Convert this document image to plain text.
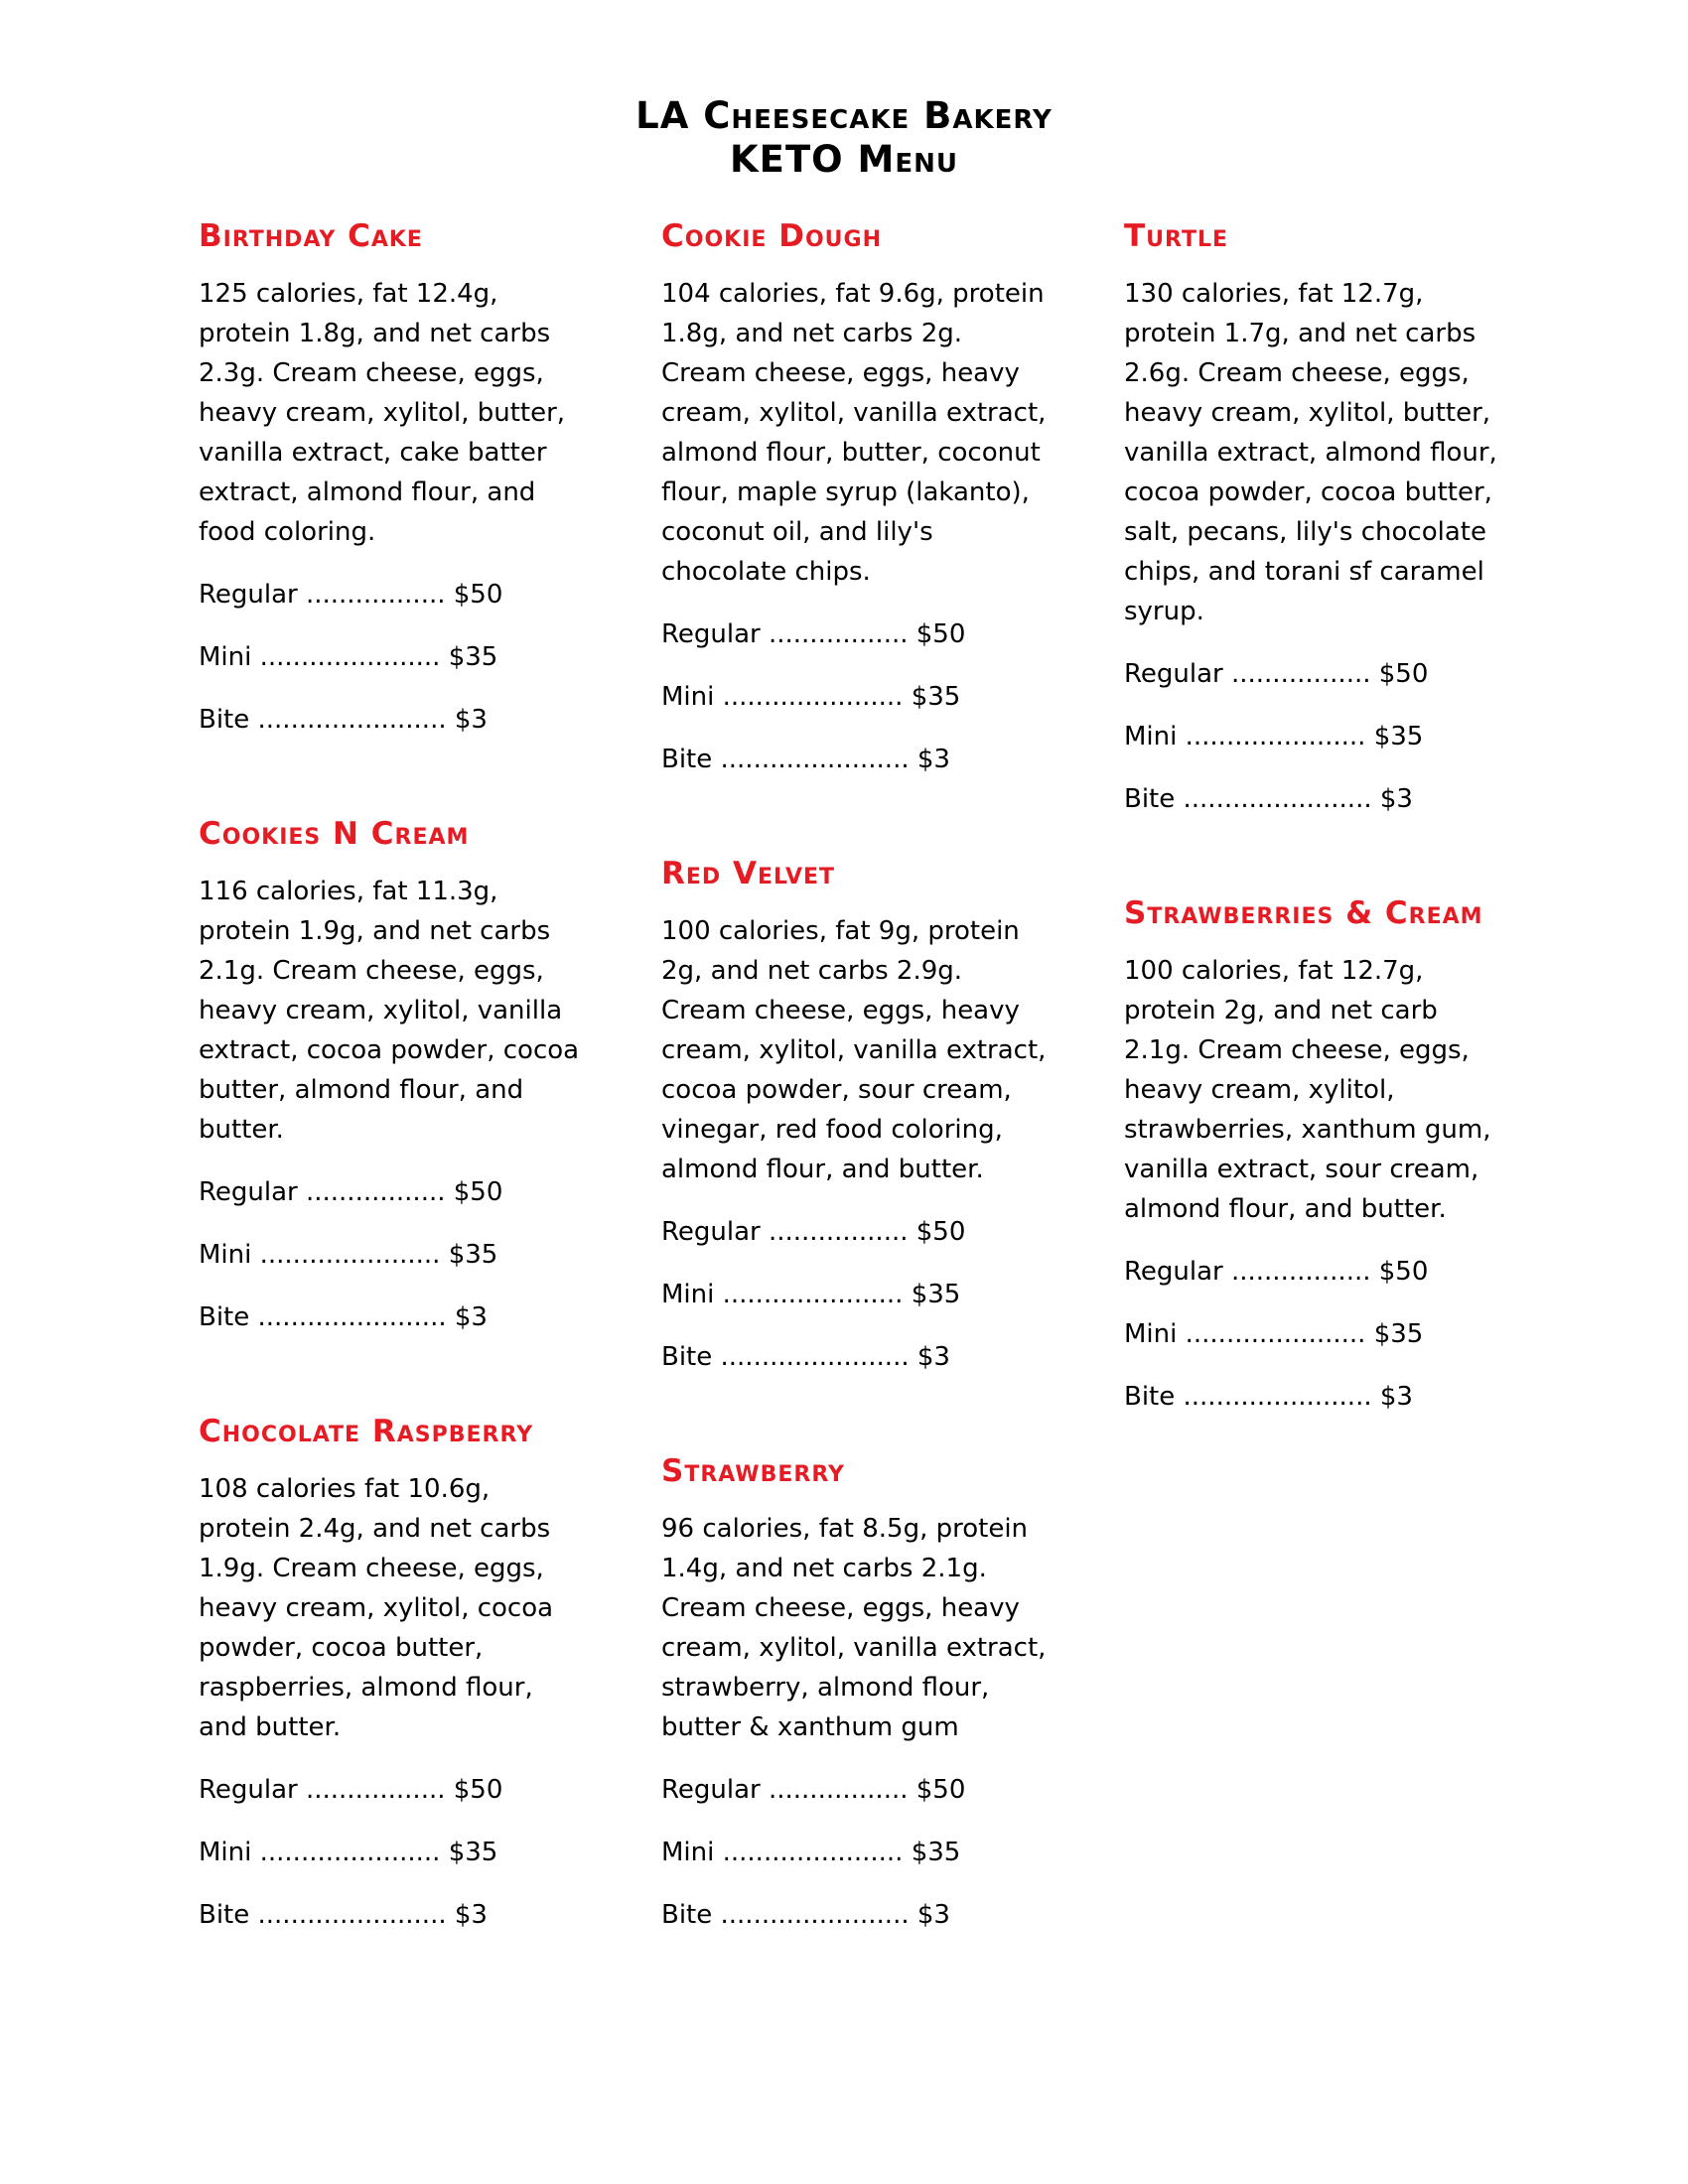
LA Cheesecake Bakery
KETO Menu
Birthday Cake
125 calories, fat 12.4g, protein 1.8g, and net carbs 2.3g. Cream cheese, eggs, heavy cream, xylitol, butter, vanilla extract, cake batter extract, almond flour, and food coloring.
Regular ................. $50
Mini ...................... $35
Bite ....................... $3
Cookies N Cream
116 calories, fat 11.3g, protein 1.9g, and net carbs 2.1g. Cream cheese, eggs, heavy cream, xylitol, vanilla extract, cocoa powder, cocoa butter, almond flour, and butter.
Regular ................. $50
Mini ...................... $35
Bite ....................... $3
Chocolate Raspberry
108 calories fat 10.6g, protein 2.4g, and net carbs 1.9g. Cream cheese, eggs, heavy cream, xylitol, cocoa powder, cocoa butter, raspberries, almond flour, and butter.
Regular ................. $50
Mini ...................... $35
Bite ....................... $3
Cookie Dough
104 calories, fat 9.6g, protein 1.8g, and net carbs 2g. Cream cheese, eggs, heavy cream, xylitol, vanilla extract, almond flour, butter, coconut flour, maple syrup (lakanto), coconut oil, and lily's chocolate chips.
Regular ................. $50
Mini ...................... $35
Bite ....................... $3
Red Velvet
100 calories, fat 9g, protein 2g, and net carbs 2.9g. Cream cheese, eggs, heavy cream, xylitol, vanilla extract, cocoa powder, sour cream, vinegar, red food coloring, almond flour, and butter.
Regular ................. $50
Mini ...................... $35
Bite ....................... $3
Strawberry
96 calories, fat 8.5g, protein 1.4g, and net carbs 2.1g. Cream cheese, eggs, heavy cream, xylitol, vanilla extract, strawberry, almond flour, butter & xanthum gum
Regular ................. $50
Mini ...................... $35
Bite ....................... $3
Turtle
130 calories, fat 12.7g, protein 1.7g, and net carbs 2.6g. Cream cheese, eggs, heavy cream, xylitol, butter, vanilla extract, almond flour, cocoa powder, cocoa butter, salt, pecans, lily's chocolate chips, and torani sf caramel syrup.
Regular ................. $50
Mini ...................... $35
Bite ....................... $3
Strawberries & Cream
100 calories, fat 12.7g, protein 2g, and net carb 2.1g. Cream cheese, eggs, heavy cream, xylitol, strawberries, xanthum gum, vanilla extract, sour cream, almond flour, and butter.
Regular ................. $50
Mini ...................... $35
Bite ....................... $3
